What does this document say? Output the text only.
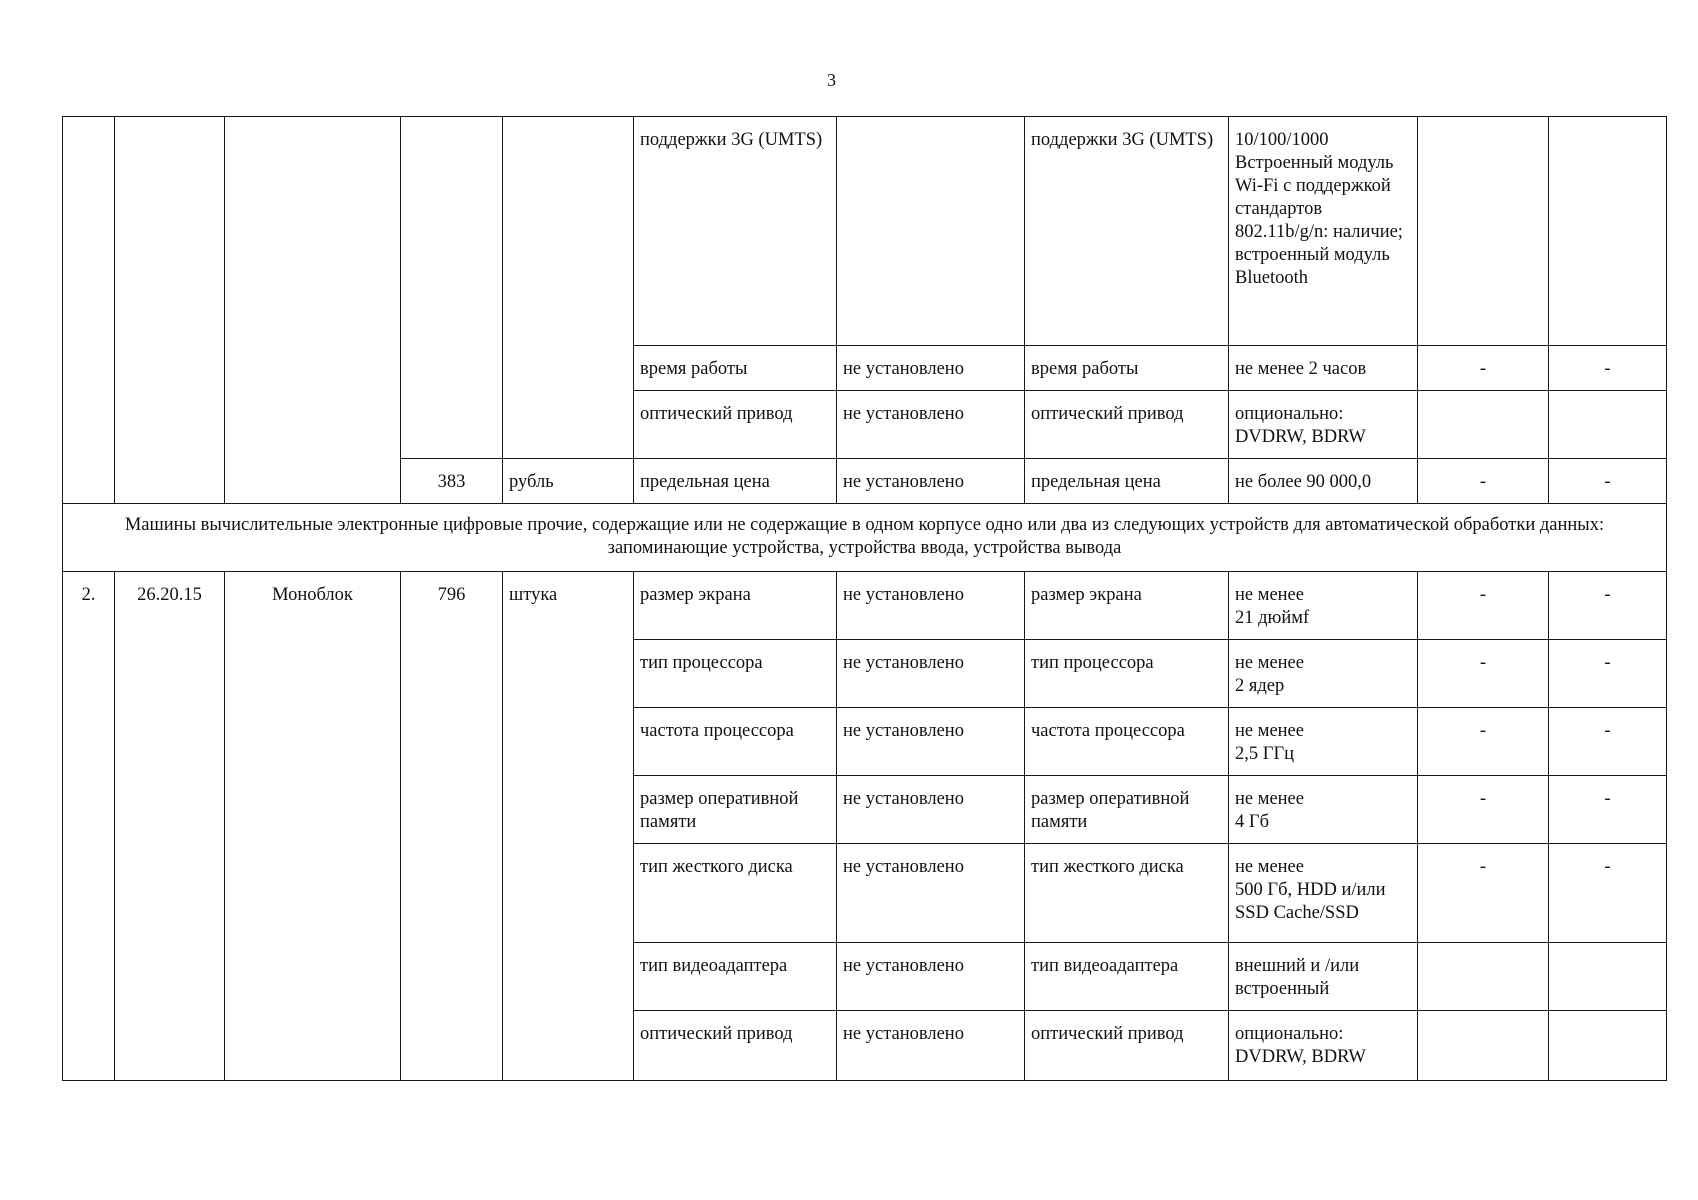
3
					поддержки 3G (UMTS)		поддержки 3G (UMTS)	10/100/1000
Встроенный модуль Wi-Fi с поддержкой стандартов 802.11b/g/n: наличие; встроенный модуль Bluetooth		
					время работы	не установлено	время работы	не менее 2 часов	-	-
					оптический привод	не установлено	оптический привод	опционально:
DVDRW, BDRW		
			383	рубль	предельная цена	не установлено	предельная цена	не более 90 000,0	-	-
Машины вычислительные электронные цифровые прочие, содержащие или не содержащие в одном корпусе одно или два из следующих устройств для автоматической обработки данных: запоминающие устройства, устройства ввода, устройства вывода										
2.	26.20.15	Моноблок	796	штука	размер экрана	не установлено	размер экрана	не менее
21 дюймf	-	-
					тип процессора	не установлено	тип процессора	не менее
2 ядер	-	-
					частота процессора	не установлено	частота процессора	не менее
2,5 ГГц	-	-
					размер оперативной памяти	не установлено	размер оперативной памяти	не менее
4 Гб	-	-
					тип жесткого диска	не установлено	тип жесткого диска	не менее
500 Гб, HDD и/или SSD Cache/SSD	-	-
					тип видеоадаптера	не установлено	тип видеоадаптера	внешний и /или встроенный		
					оптический привод	не установлено	оптический привод	опционально:
DVDRW, BDRW		
